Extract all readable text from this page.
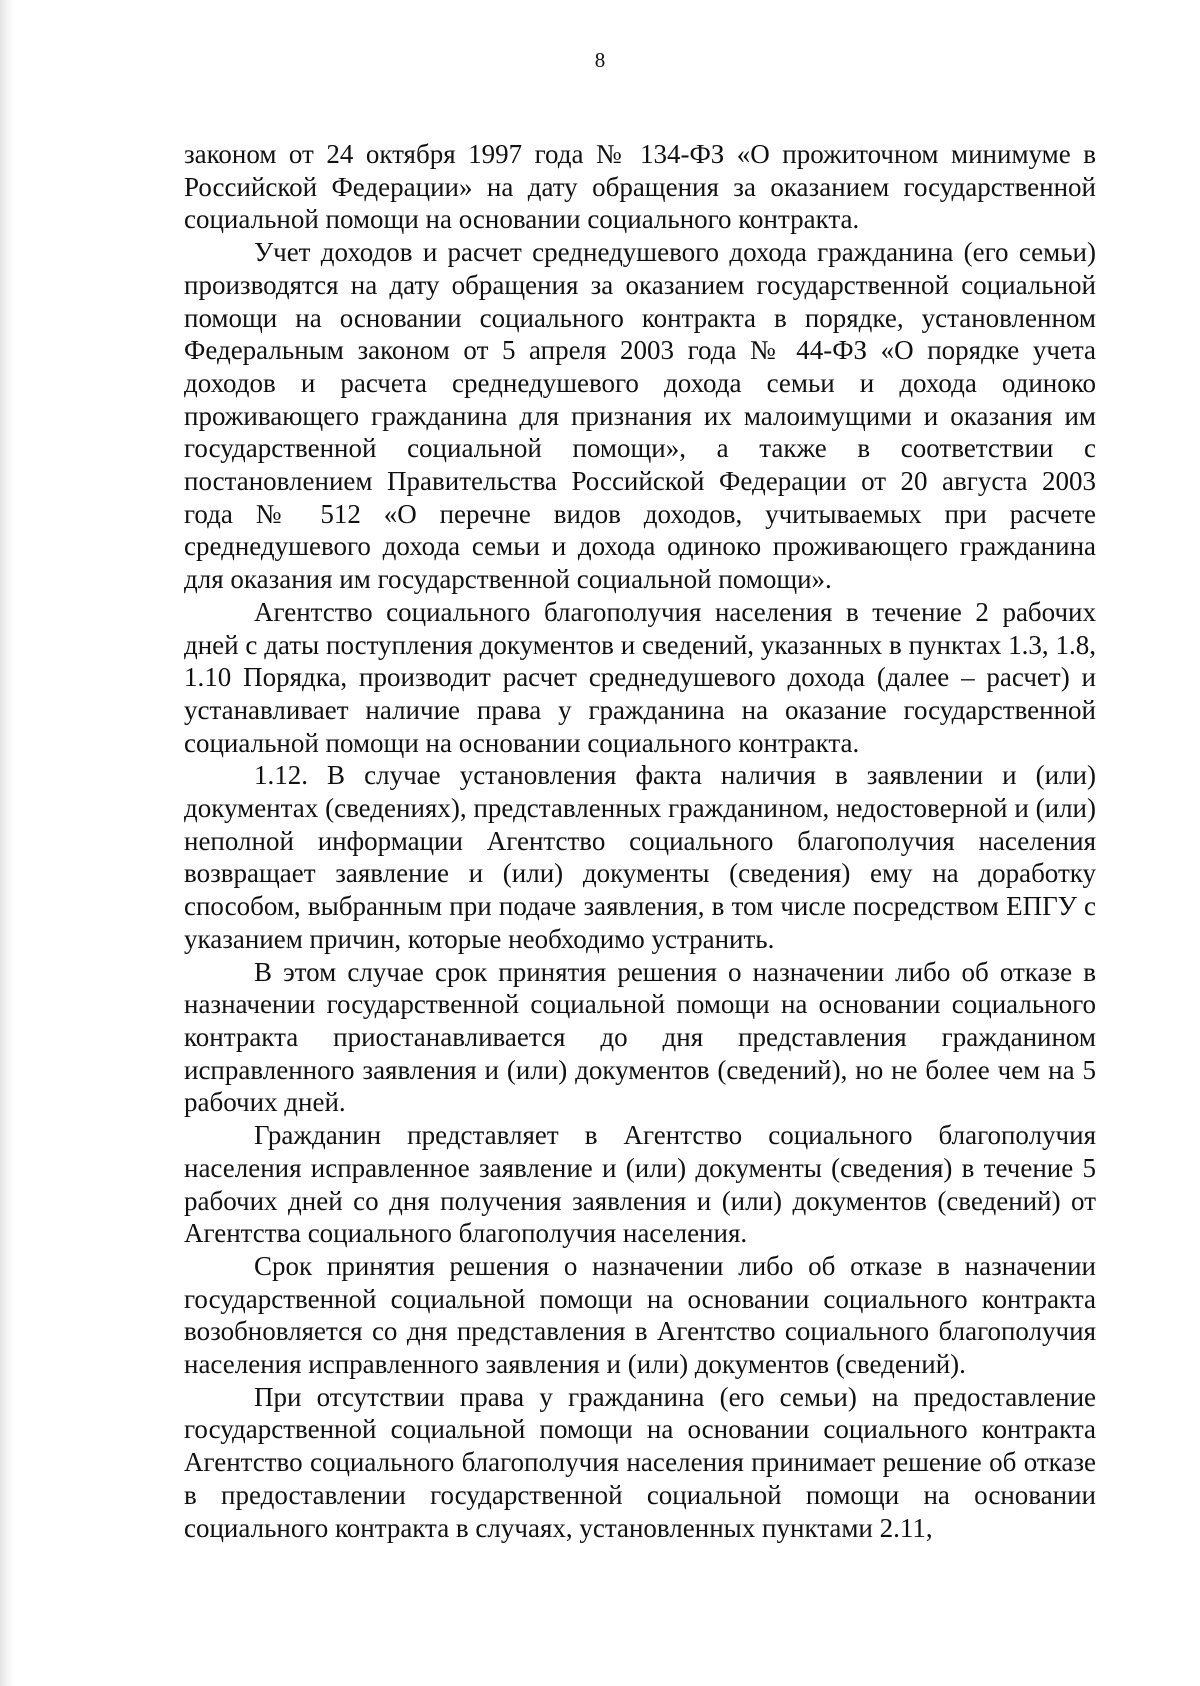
8

законом от 24 октября 1997 года № 134-ФЗ «О прожиточном минимуме в Российской Федерации» на дату обращения за оказанием государственной социальной помощи на основании социального контракта.

Учет доходов и расчет среднедушевого дохода гражданина (его семьи) производятся на дату обращения за оказанием государственной социальной помощи на основании социального контракта в порядке, установленном Федеральным законом от 5 апреля 2003 года № 44-ФЗ «О порядке учета доходов и расчета среднедушевого дохода семьи и дохода одиноко проживающего гражданина для признания их малоимущими и оказания им государственной социальной помощи», а также в соответствии с постановлением Правительства Российской Федерации от 20 августа 2003 года № 512 «О перечне видов доходов, учитываемых при расчете среднедушевого дохода семьи и дохода одиноко проживающего гражданина для оказания им государственной социальной помощи».

Агентство социального благополучия населения в течение 2 рабочих дней с даты поступления документов и сведений, указанных в пунктах 1.3, 1.8, 1.10 Порядка, производит расчет среднедушевого дохода (далее – расчет) и устанавливает наличие права у гражданина на оказание государственной социальной помощи на основании социального контракта.

1.12. В случае установления факта наличия в заявлении и (или) документах (сведениях), представленных гражданином, недостоверной и (или) неполной информации Агентство социального благополучия населения возвращает заявление и (или) документы (сведения) ему на доработку способом, выбранным при подаче заявления, в том числе посредством ЕПГУ с указанием причин, которые необходимо устранить.

В этом случае срок принятия решения о назначении либо об отказе в назначении государственной социальной помощи на основании социального контракта приостанавливается до дня представления гражданином исправленного заявления и (или) документов (сведений), но не более чем на 5 рабочих дней.

Гражданин представляет в Агентство социального благополучия населения исправленное заявление и (или) документы (сведения) в течение 5 рабочих дней со дня получения заявления и (или) документов (сведений) от Агентства социального благополучия населения.

Срок принятия решения о назначении либо об отказе в назначении государственной социальной помощи на основании социального контракта возобновляется со дня представления в Агентство социального благополучия населения исправленного заявления и (или) документов (сведений).

При отсутствии права у гражданина (его семьи) на предоставление государственной социальной помощи на основании социального контракта Агентство социального благополучия населения принимает решение об отказе в предоставлении государственной социальной помощи на основании социального контракта в случаях, установленных пунктами 2.11,
